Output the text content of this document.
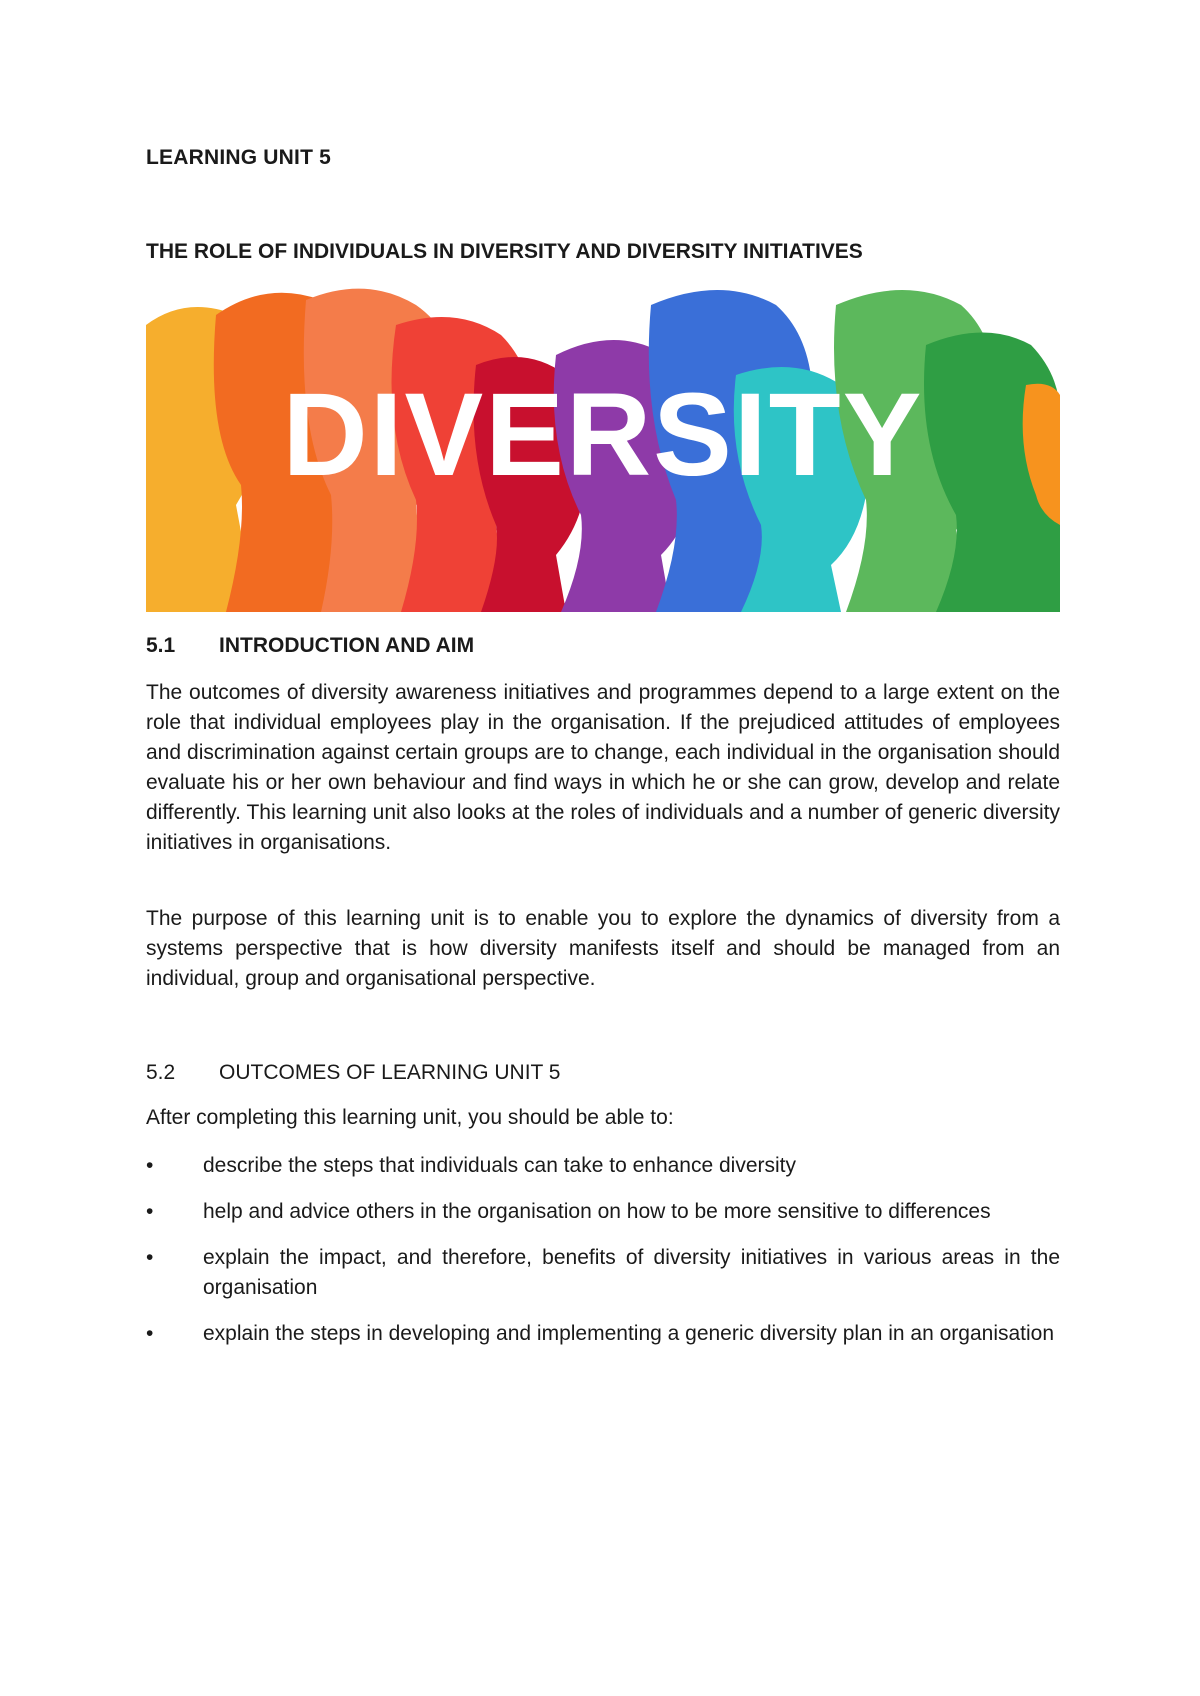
LEARNING UNIT 5
THE ROLE OF INDIVIDUALS IN DIVERSITY AND DIVERSITY INITIATIVES
DIVERSITY
5.1 INTRODUCTION AND AIM

The outcomes of diversity awareness initiatives and programmes depend to a large extent on the role that individual employees play in the organisation. If the prejudiced attitudes of employees and discrimination against certain groups are to change, each individual in the organisation should evaluate his or her own behaviour and find ways in which he or she can grow, develop and relate differently. This learning unit also looks at the roles of individuals and a number of generic diversity initiatives in organisations.

The purpose of this learning unit is to enable you to explore the dynamics of diversity from a systems perspective that is how diversity manifests itself and should be managed from an individual, group and organisational perspective.

5.2 OUTCOMES OF LEARNING UNIT 5

After completing this learning unit, you should be able to:

• describe the steps that individuals can take to enhance diversity
• help and advice others in the organisation on how to be more sensitive to differences
• explain the impact, and therefore, benefits of diversity initiatives in various areas in the organisation
• explain the steps in developing and implementing a generic diversity plan in an organisation
